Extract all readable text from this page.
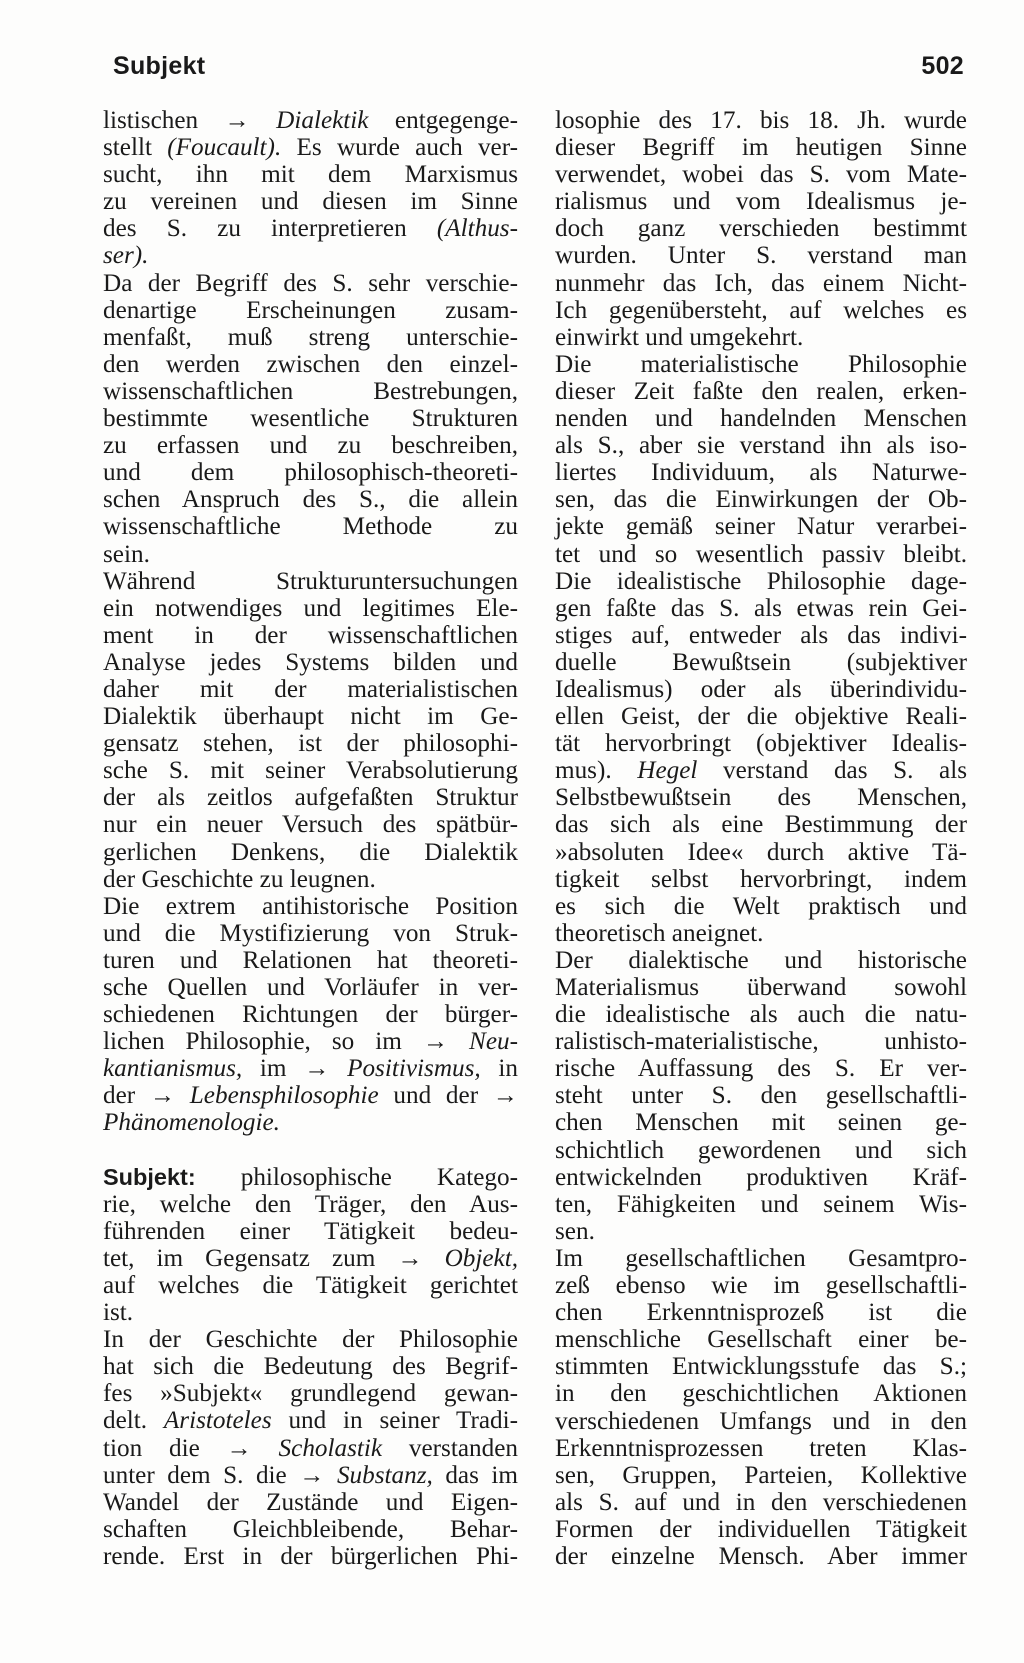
Subjekt	502
listischen → Dialektik entgegenge-
stellt (Foucault). Es wurde auch ver-
sucht, ihn mit dem Marxismus
zu vereinen und diesen im Sinne
des S. zu interpretieren (Althus-
ser).
Da der Begriff des S. sehr verschie-
denartige Erscheinungen zusam-
menfaßt, muß streng unterschie-
den werden zwischen den einzel-
wissenschaftlichen Bestrebungen,
bestimmte wesentliche Strukturen
zu erfassen und zu beschreiben,
und dem philosophisch-theoreti-
schen Anspruch des S., die allein
wissenschaftliche Methode zu
sein.
Während Strukturuntersuchungen
ein notwendiges und legitimes Ele-
ment in der wissenschaftlichen
Analyse jedes Systems bilden und
daher mit der materialistischen
Dialektik überhaupt nicht im Ge-
gensatz stehen, ist der philosophi-
sche S. mit seiner Verabsolutierung
der als zeitlos aufgefaßten Struktur
nur ein neuer Versuch des spätbür-
gerlichen Denkens, die Dialektik
der Geschichte zu leugnen.
Die extrem antihistorische Position
und die Mystifizierung von Struk-
turen und Relationen hat theoreti-
sche Quellen und Vorläufer in ver-
schiedenen Richtungen der bürger-
lichen Philosophie, so im → Neu-
kantianismus, im → Positivismus, in
der → Lebensphilosophie und der →
Phänomenologie.
Subjekt: philosophische Katego-
rie, welche den Träger, den Aus-
führenden einer Tätigkeit bedeu-
tet, im Gegensatz zum → Objekt,
auf welches die Tätigkeit gerichtet
ist.
In der Geschichte der Philosophie
hat sich die Bedeutung des Begrif-
fes »Subjekt« grundlegend gewan-
delt. Aristoteles und in seiner Tradi-
tion die → Scholastik verstanden
unter dem S. die → Substanz, das im
Wandel der Zustände und Eigen-
schaften Gleichbleibende, Behar-
rende. Erst in der bürgerlichen Phi-
losophie des 17. bis 18. Jh. wurde
dieser Begriff im heutigen Sinne
verwendet, wobei das S. vom Mate-
rialismus und vom Idealismus je-
doch ganz verschieden bestimmt
wurden. Unter S. verstand man
nunmehr das Ich, das einem Nicht-
Ich gegenübersteht, auf welches es
einwirkt und umgekehrt.
Die materialistische Philosophie
dieser Zeit faßte den realen, erken-
nenden und handelnden Menschen
als S., aber sie verstand ihn als iso-
liertes Individuum, als Naturwe-
sen, das die Einwirkungen der Ob-
jekte gemäß seiner Natur verarbei-
tet und so wesentlich passiv bleibt.
Die idealistische Philosophie dage-
gen faßte das S. als etwas rein Gei-
stiges auf, entweder als das indivi-
duelle Bewußtsein (subjektiver
Idealismus) oder als überindividu-
ellen Geist, der die objektive Reali-
tät hervorbringt (objektiver Idealis-
mus). Hegel verstand das S. als
Selbstbewußtsein des Menschen,
das sich als eine Bestimmung der
»absoluten Idee« durch aktive Tä-
tigkeit selbst hervorbringt, indem
es sich die Welt praktisch und
theoretisch aneignet.
Der dialektische und historische
Materialismus überwand sowohl
die idealistische als auch die natu-
ralistisch-materialistische, unhisto-
rische Auffassung des S. Er ver-
steht unter S. den gesellschaftli-
chen Menschen mit seinen ge-
schichtlich gewordenen und sich
entwickelnden produktiven Kräf-
ten, Fähigkeiten und seinem Wis-
sen.
Im gesellschaftlichen Gesamtpro-
zeß ebenso wie im gesellschaftli-
chen Erkenntnisprozeß ist die
menschliche Gesellschaft einer be-
stimmten Entwicklungsstufe das S.;
in den geschichtlichen Aktionen
verschiedenen Umfangs und in den
Erkenntnisprozessen treten Klas-
sen, Gruppen, Parteien, Kollektive
als S. auf und in den verschiedenen
Formen der individuellen Tätigkeit
der einzelne Mensch. Aber immer
